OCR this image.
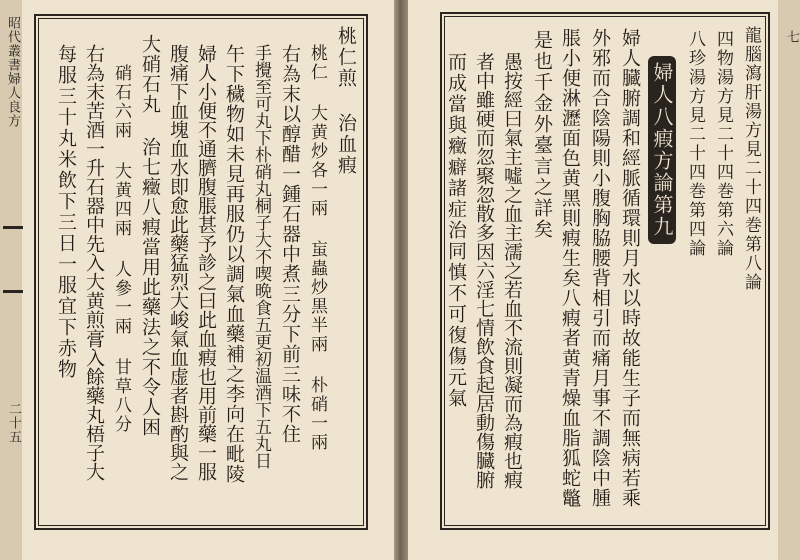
昭代叢書婦人良方
二十五
七
龍腦瀉肝湯方見二十四巻第八論
四物湯方見二十四巻第六論
八珍湯方見二十四巻第四論
婦人八瘕方論第九
婦人臓腑調和經脈循環則月水以時故能生子而無病若乘
外邪而合陰陽則小腹胸脇腰背相引而痛月事不調陰中腫
脹小便淋瀝面色黄黑則瘕生矣八瘕者黄青燥血脂狐蛇鼈
是也千金外臺言之詳矣
愚按經曰氣主噓之血主濡之若血不流則凝而為瘕也瘕
者中雖硬而忽聚忽散多因六淫七情飲食起居動傷臓腑
而成當與癥癖諸症治同慎不可復傷元氣
桃仁煎 治血瘕
桃仁 大黄炒各一兩 䖟蟲炒黒半兩 朴硝一兩
右為末以醇醋一鍾石器中煮三分下前三味不住
手攪至可丸下朴硝丸桐子大不喫晩食五更初温酒下五丸日
午下穢物如未見再服仍以調氣血藥補之李向在毗陵
婦人小便不通臍腹脹甚予診之曰此血瘕也用前藥一服
腹痛下血塊血水即愈此藥猛烈大峻氣血虚者斟酌與之
大硝石丸 治七癥八瘕當用此藥法之不令人困
硝石六兩 大黄四兩 人參一兩 甘草八分
右為末苦酒一升石器中先入大黄煎膏入餘藥丸梧子大
每服三十丸米飲下三日一服宜下赤物
